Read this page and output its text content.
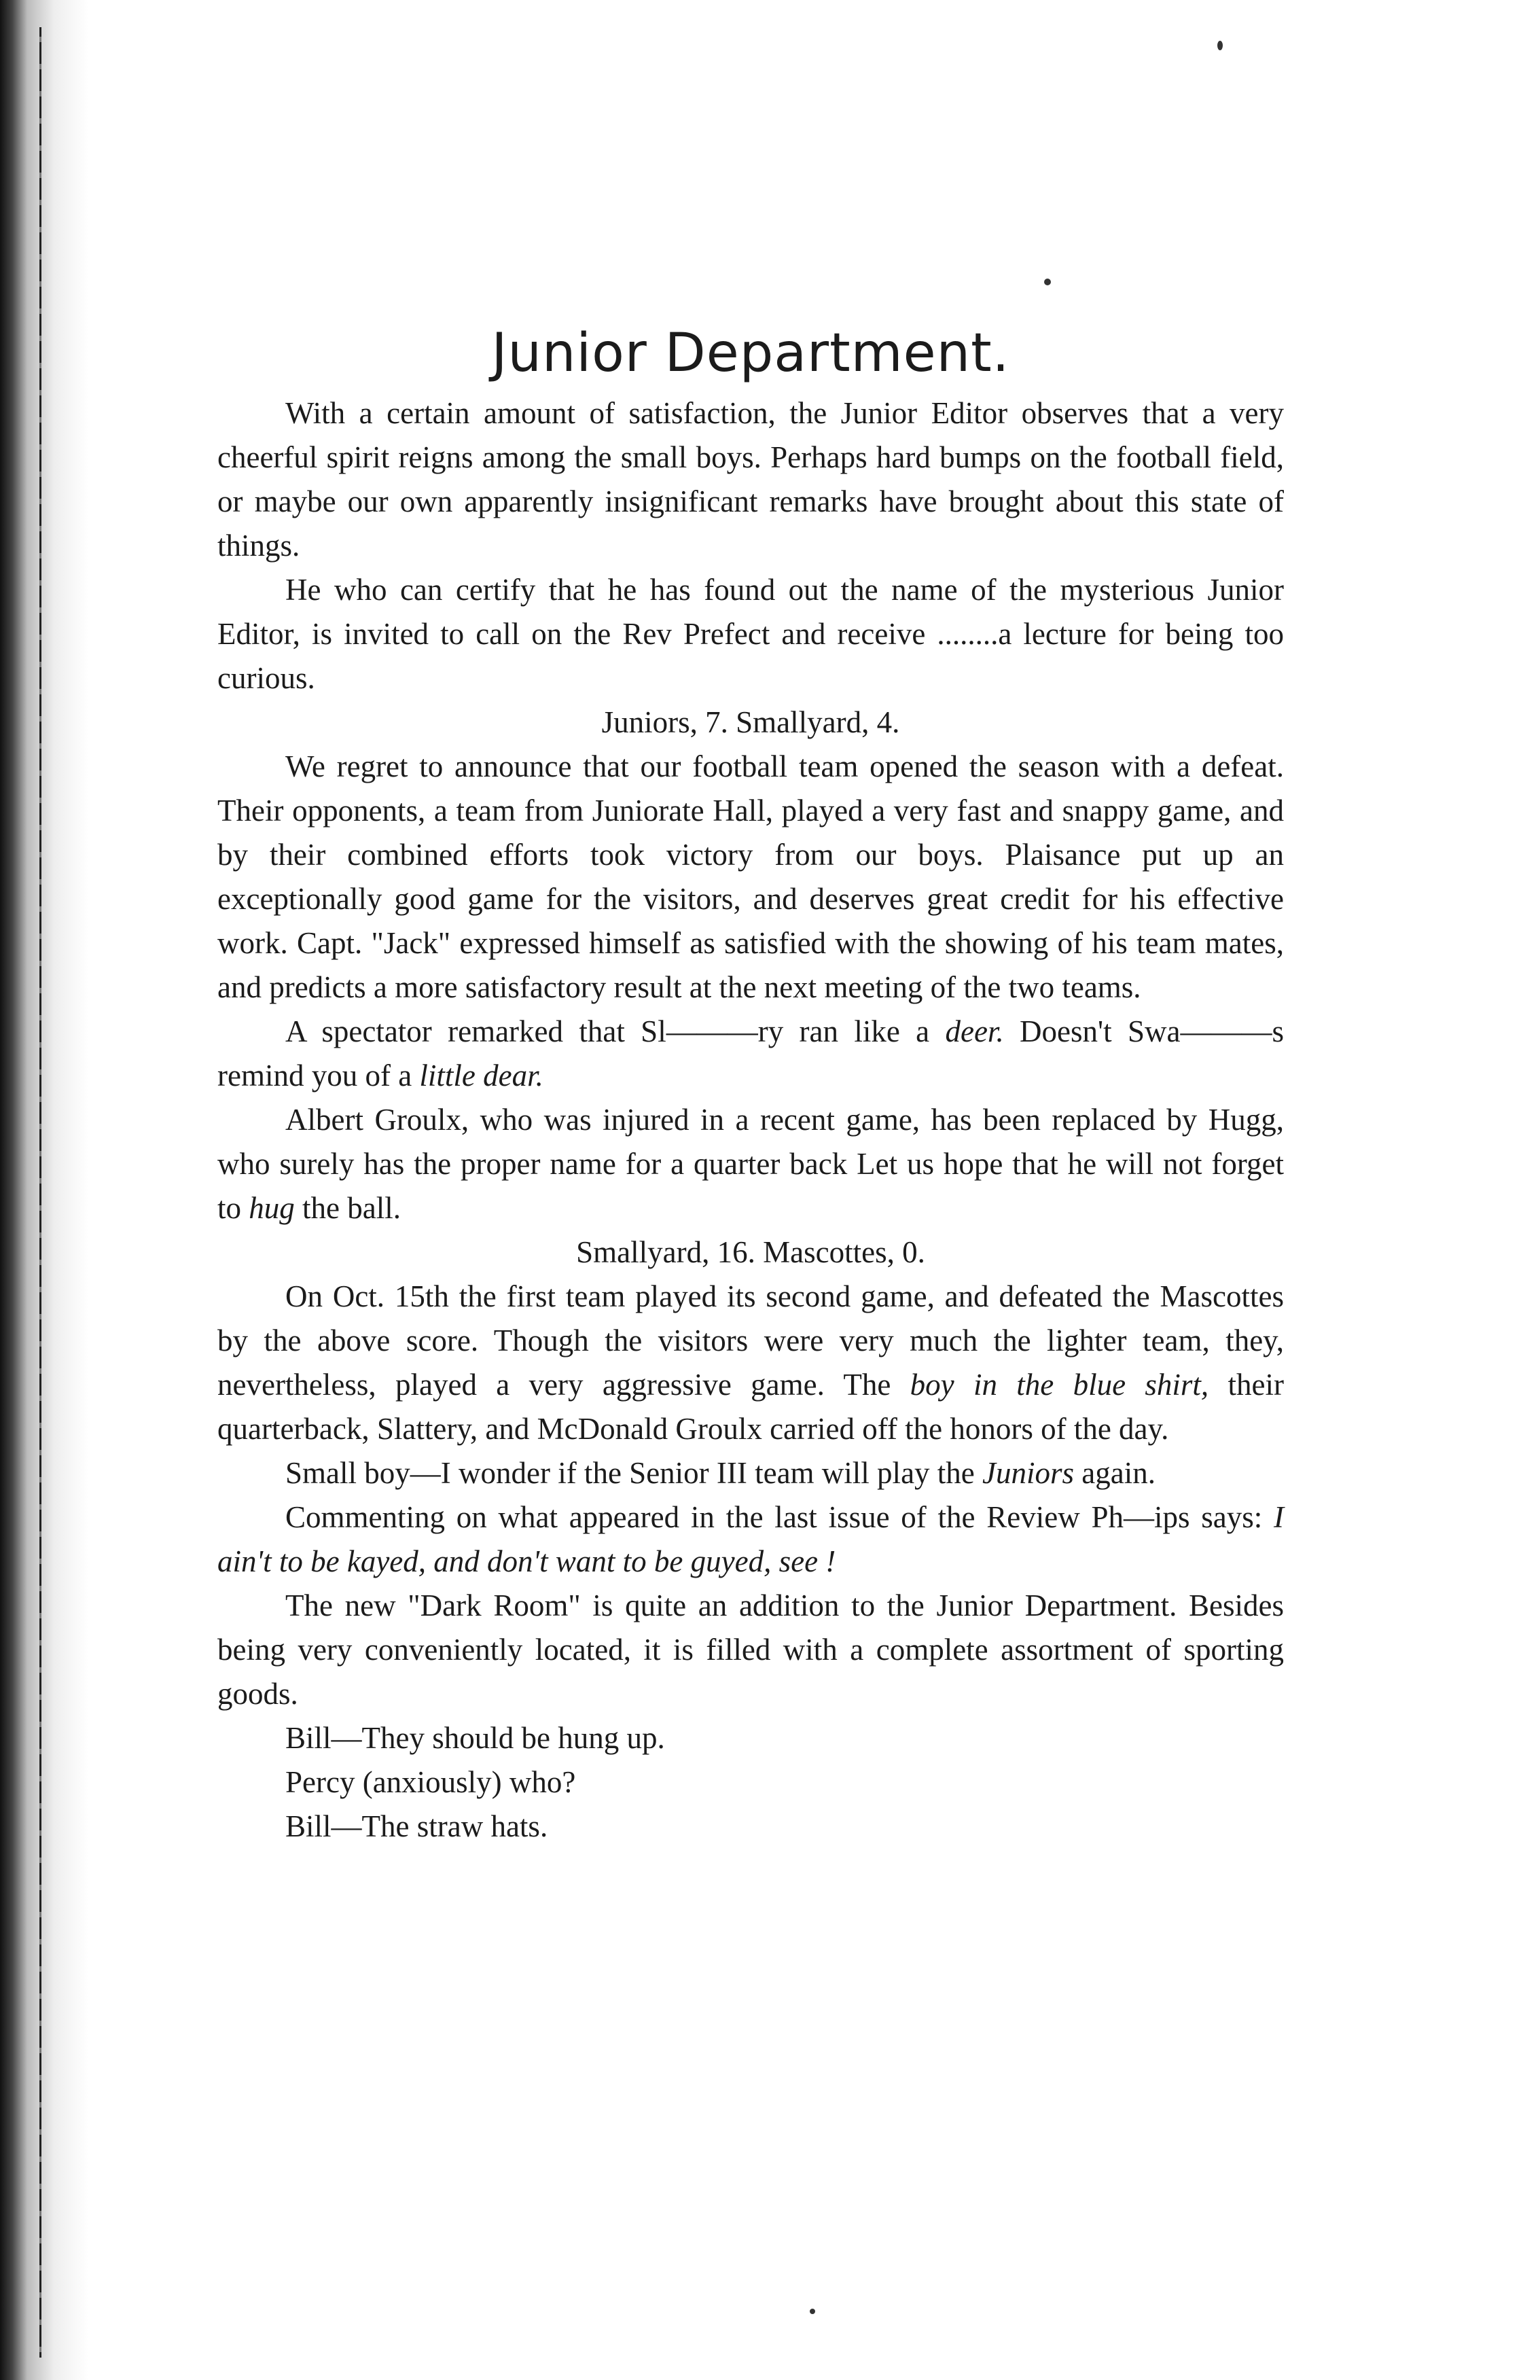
Junior Department.

With a certain amount of satisfaction, the Junior Editor observes that a very cheerful spirit reigns among the small boys. Perhaps hard bumps on the football field, or maybe our own apparently insignificant remarks have brought about this state of things.

He who can certify that he has found out the name of the mysterious Junior Editor, is invited to call on the Rev Prefect and receive ........a lecture for being too curious.

Juniors, 7. Smallyard, 4.

We regret to announce that our football team opened the season with a defeat. Their opponents, a team from Juniorate Hall, played a very fast and snappy game, and by their combined efforts took victory from our boys. Plaisance put up an exceptionally good game for the visitors, and deserves great credit for his effective work. Capt. "Jack" expressed himself as satisfied with the showing of his team mates, and predicts a more satisfactory result at the next meeting of the two teams.

A spectator remarked that Sl———ry ran like a deer. Doesn't Swa———s remind you of a little dear.

Albert Groulx, who was injured in a recent game, has been replaced by Hugg, who surely has the proper name for a quarter back Let us hope that he will not forget to hug the ball.

Smallyard, 16. Mascottes, 0.

On Oct. 15th the first team played its second game, and defeated the Mascottes by the above score. Though the visitors were very much the lighter team, they, nevertheless, played a very aggressive game. The boy in the blue shirt, their quarterback, Slattery, and McDonald Groulx carried off the honors of the day.

Small boy—I wonder if the Senior III team will play the Juniors again.

Commenting on what appeared in the last issue of the Review Ph—ips says: I ain't to be kayed, and don't want to be guyed, see !

The new "Dark Room" is quite an addition to the Junior Department. Besides being very conveniently located, it is filled with a complete assortment of sporting goods.

Bill—They should be hung up.

Percy (anxiously) who?

Bill—The straw hats.
